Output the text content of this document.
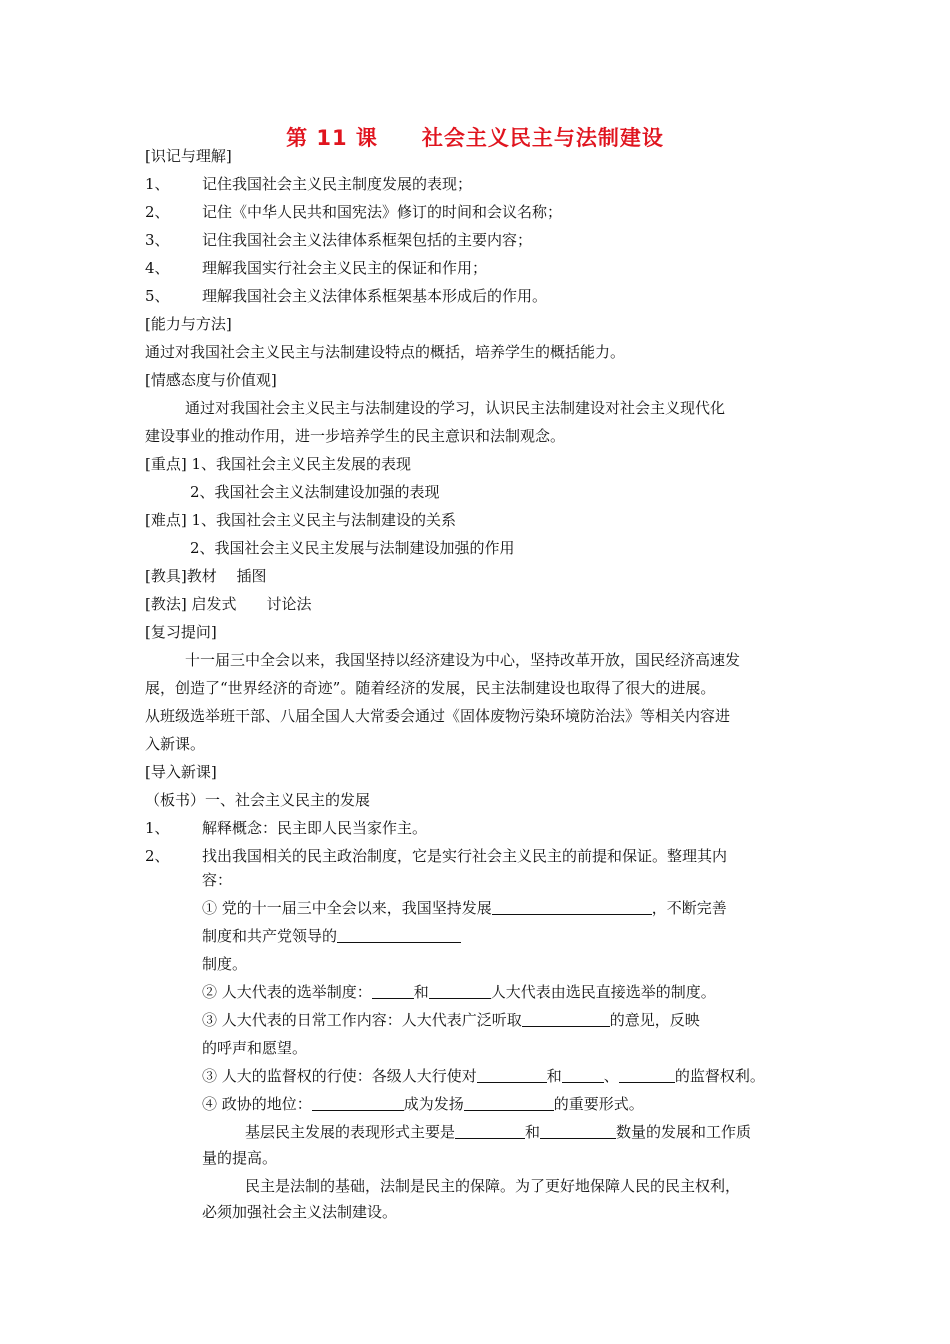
第 11 课　　社会主义民主与法制建设
[识记与理解]
1、 记住我国社会主义民主制度发展的表现；
2、 记住《中华人民共和国宪法》修订的时间和会议名称；
3、 记住我国社会主义法律体系框架包括的主要内容；
4、 理解我国实行社会主义民主的保证和作用；
5、 理解我国社会主义法律体系框架基本形成后的作用。
[能力与方法]
通过对我国社会主义民主与法制建设特点的概括，培养学生的概括能力。
[情感态度与价值观]
通过对我国社会主义民主与法制建设的学习，认识民主法制建设对社会主义现代化
建设事业的推动作用，进一步培养学生的民主意识和法制观念。
[重点] 1、我国社会主义民主发展的表现
2、我国社会主义法制建设加强的表现
[难点] 1、我国社会主义民主与法制建设的关系
2、我国社会主义民主发展与法制建设加强的作用
[教具]教材　 插图
[教法] 启发式　　讨论法
[复习提问]
十一届三中全会以来，我国坚持以经济建设为中心，坚持改革开放，国民经济高速发
展，创造了“世界经济的奇迹”。随着经济的发展，民主法制建设也取得了很大的进展。
从班级选举班干部、八届全国人大常委会通过《固体废物污染环境防治法》等相关内容进
入新课。
[导入新课]
（板书）一、社会主义民主的发展
1、 解释概念：民主即人民当家作主。
2、 找出我国相关的民主政治制度，它是实行社会主义民主的前提和保证。整理其内
容：
① 党的十一届三中全会以来，我国坚持发展	，不断完善
制度和共产党领导的
制度。
② 人大代表的选举制度：	和	人大代表由选民直接选举的制度。
③ 人大代表的日常工作内容：人大代表广泛听取	的意见，反映
的呼声和愿望。
③ 人大的监督权的行使：各级人大行使对	和	、	的监督权利。
④ 政协的地位：	成为发扬	的重要形式。
基层民主发展的表现形式主要是	和	数量的发展和工作质
量的提高。
民主是法制的基础，法制是民主的保障。为了更好地保障人民的民主权利，
必须加强社会主义法制建设。
